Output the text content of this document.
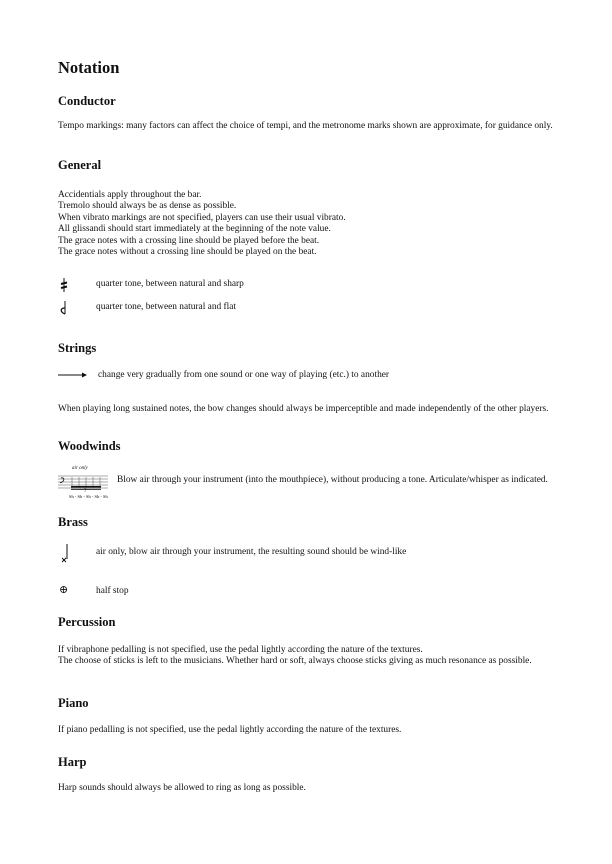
Notation
Conductor
Tempo markings: many factors can affect the choice of tempi, and the metronome marks shown are approximate, for guidance only.
General
Accidentials apply throughout the bar.
Tremolo should always be as dense as possible.
When vibrato markings are not specified, players can use their usual vibrato.
All glissandi should start immediately at the beginning of the note value.
The grace notes with a crossing line should be played before the beat.
The grace notes without a crossing line should be played on the beat.
quarter tone, between natural and sharp
quarter tone, between natural and flat
Strings
change very gradually from one sound or one way of playing (etc.) to another
When playing long sustained notes, the bow changes should always be imperceptible and made independently of the other players.
Woodwinds
air only
7
Sh - Sh - Sh - Sh - Sh
Blow air through your instrument (into the mouthpiece), without producing a tone. Articulate/whisper as indicated.
Brass
air only, blow air through your instrument, the resulting sound should be wind-like
⊕	half stop
Percussion
If vibraphone pedalling is not specified, use the pedal lightly according the nature of the textures.
The choose of sticks is left to the musicians. Whether hard or soft, always choose sticks giving as much resonance as possible.
Piano
If piano pedalling is not specified, use the pedal lightly according the nature of the textures.
Harp
Harp sounds should always be allowed to ring as long as possible.
